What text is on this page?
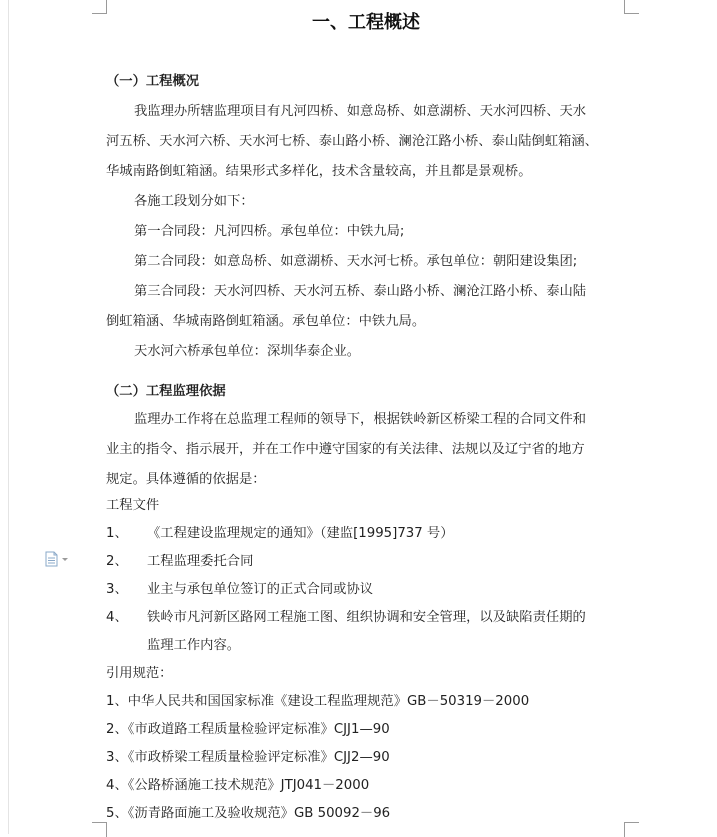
一、工程概述
（一）工程概况
我监理办所辖监理项目有凡河四桥、如意岛桥、如意湖桥、天水河四桥、天水
河五桥、天水河六桥、天水河七桥、泰山路小桥、澜沧江路小桥、泰山陆倒虹箱涵、
华城南路倒虹箱涵。结果形式多样化，技术含量较高，并且都是景观桥。
各施工段划分如下：
第一合同段：凡河四桥。承包单位：中铁九局;
第二合同段：如意岛桥、如意湖桥、天水河七桥。承包单位：朝阳建设集团;
第三合同段：天水河四桥、天水河五桥、泰山路小桥、澜沧江路小桥、泰山陆
倒虹箱涵、华城南路倒虹箱涵。承包单位：中铁九局。
天水河六桥承包单位：深圳华泰企业。
（二）工程监理依据
监理办工作将在总监理工程师的领导下，根据铁岭新区桥梁工程的合同文件和
业主的指令、指示展开，并在工作中遵守国家的有关法律、法规以及辽宁省的地方
规定。具体遵循的依据是：
工程文件
1、 《工程建设监理规定的通知》（建监[1995]737 号）
2、 工程监理委托合同
3、 业主与承包单位签订的正式合同或协议
4、 铁岭市凡河新区路网工程施工图、组织协调和安全管理，以及缺陷责任期的
监理工作内容。
引用规范：
1、中华人民共和国国家标准《建设工程监理规范》GB－50319－2000
2、《市政道路工程质量检验评定标准》CJJ1—90
3、《市政桥梁工程质量检验评定标准》CJJ2—90
4、《公路桥涵施工技术规范》JTJ041－2000
5、《沥青路面施工及验收规范》GB 50092－96
